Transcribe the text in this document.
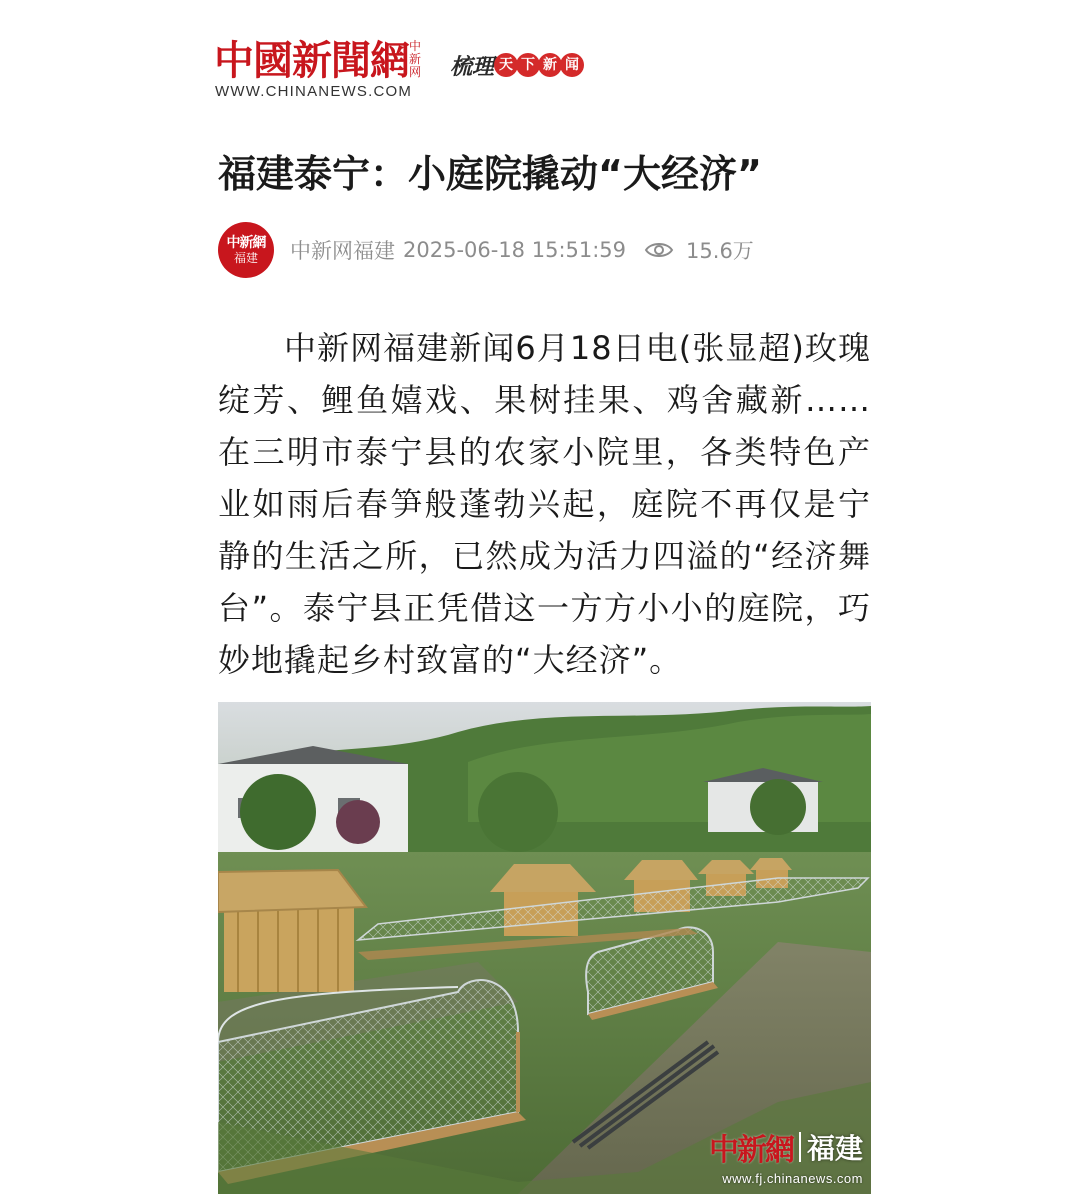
中國新聞網 中新网
WWW.CHINANEWS.COM
梳理 天 下 新 闻
福建泰宁：小庭院撬动“大经济”
中新網
福建 中新网福建 2025-06-18 15:51:59	15.6万

中新网福建新闻6月18日电(张显超)玫瑰绽芳、鲤鱼嬉戏、果树挂果、鸡舍藏新……在三明市泰宁县的农家小院里，各类特色产业如雨后春笋般蓬勃兴起，庭院不再仅是宁静的生活之所，已然成为活力四溢的“经济舞台”。泰宁县正凭借这一方方小小的庭院，巧妙地撬起乡村致富的“大经济”。

中新網 福建
www.fj.chinanews.com
